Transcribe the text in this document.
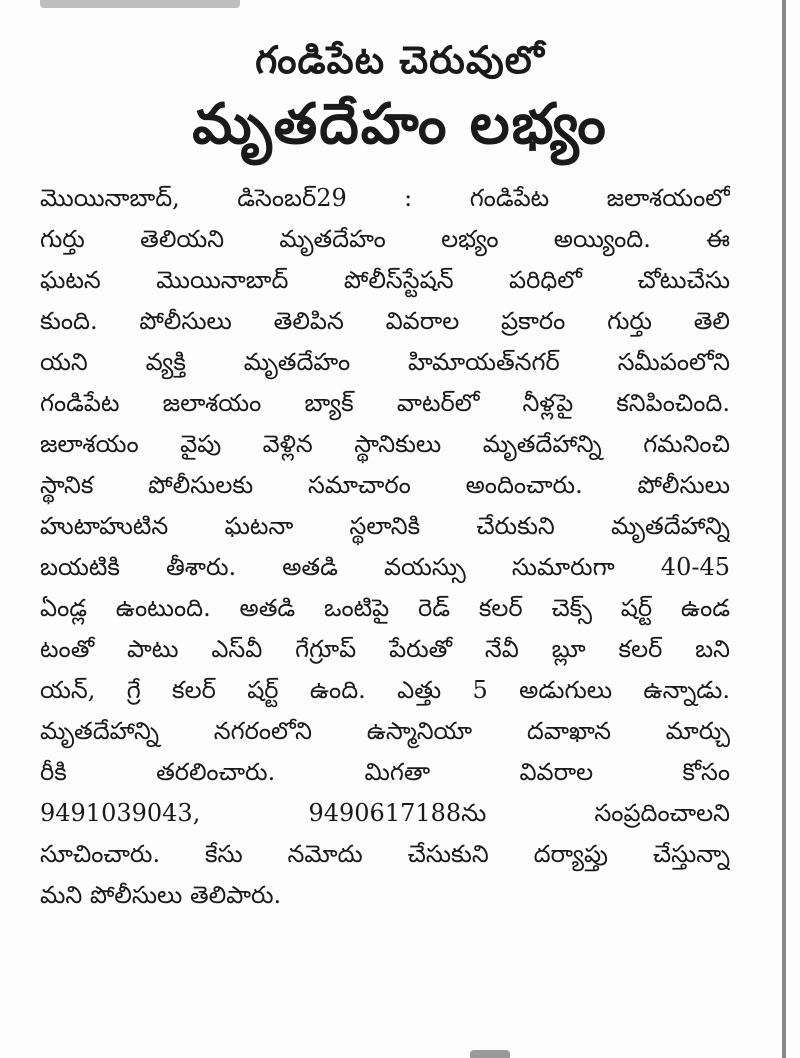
గండిపేట చెరువులో
మృతదేహం లభ్యం
మొయినాబాద్, డిసెంబర్29 : గండిపేట జలాశయంలో
గుర్తు తెలియని మృతదేహం లభ్యం అయ్యింది. ఈ
ఘటన మొయినాబాద్ పోలీస్‌స్టేషన్ పరిధిలో చోటుచేసు
కుంది. పోలీసులు తెలిపిన వివరాల ప్రకారం గుర్తు తెలి
యని వ్యక్తి మృతదేహం హిమాయత్‌నగర్ సమీపంలోని
గండిపేట జలాశయం బ్యాక్ వాటర్‌లో నీళ్లపై కనిపించింది.
జలాశయం వైపు వెళ్లిన స్థానికులు మృతదేహాన్ని గమనించి
స్థానిక పోలీసులకు సమాచారం అందించారు. పోలీసులు
హుటాహుటిన ఘటనా స్థలానికి చేరుకుని మృతదేహాన్ని
బయటికి తీశారు. అతడి వయస్సు సుమారుగా 40-45
ఏండ్ల ఉంటుంది. అతడి ఒంటిపై రెడ్ కలర్ చెక్స్ షర్ట్ ఉండ
టంతో పాటు ఎస్‌వీ గేగ్రూప్ పేరుతో నేవీ బ్లూ కలర్ బని
యన్, గ్రే కలర్ షర్ట్ ఉంది. ఎత్తు 5 అడుగులు ఉన్నాడు.
మృతదేహాన్ని నగరంలోని ఉస్మానియా దవాఖాన మార్చు
రీకి తరలించారు. మిగతా వివరాల కోసం
9491039043, 9490617188ను సంప్రదించాలని
సూచించారు. కేసు నమోదు చేసుకుని దర్యాప్తు చేస్తున్నా
మని పోలీసులు తెలిపారు.
